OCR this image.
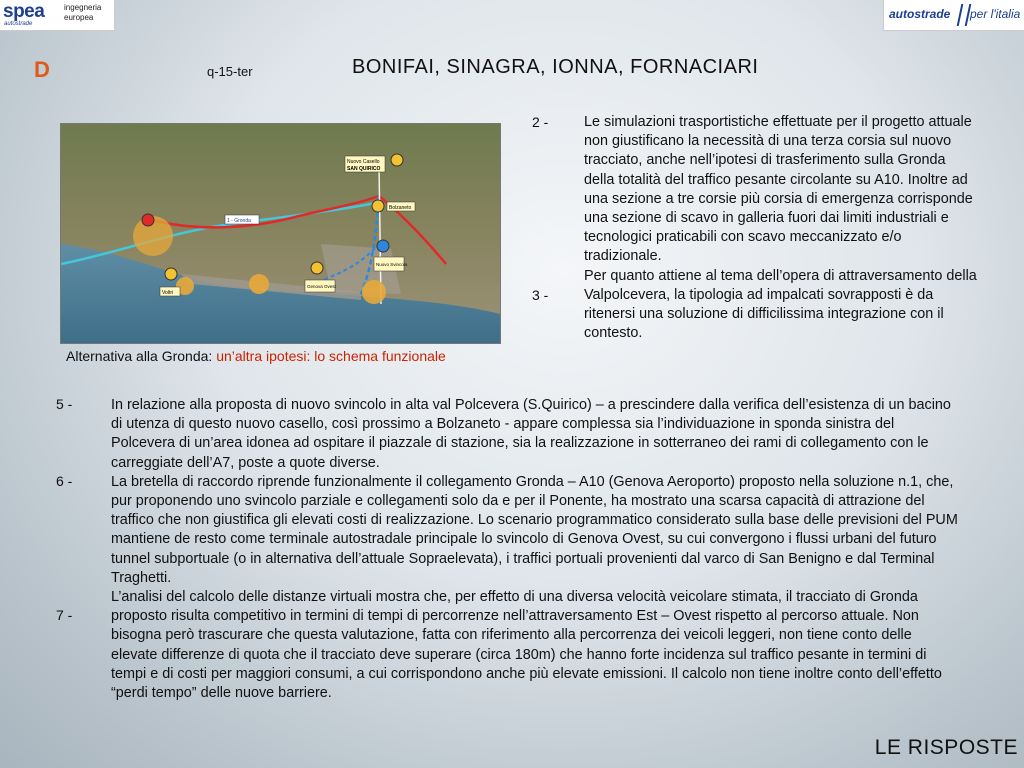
spea
autostrade
ingegneria
europea	autostrade per l'italia
D	q-15-ter	BONIFAI, SINAGRA, IONNA, FORNACIARI
Nuovo Casello
SAN QUIRICO
Bolzaneto
1 - Gronda
Nuovo Svincolo
Voltri
Genova Ovest
2 -
3 -
Alternativa alla Gronda: un’altra ipotesi: lo schema funzionale

Le simulazioni trasportistiche effettuate per il progetto attuale non giustificano la necessità di una terza corsia sul nuovo tracciato, anche nell’ipotesi di trasferimento sulla Gronda della totalità del traffico pesante circolante su A10. Inoltre ad una sezione a tre corsie più corsia di emergenza corrisponde una sezione di scavo in galleria fuori dai limiti industriali e tecnologici praticabili con scavo meccanizzato e/o tradizionale.

Per quanto attiene al tema dell’opera di attraversamento della Valpolcevera, la tipologia ad impalcati sovrapposti è da ritenersi una soluzione di difficilissima integrazione con il contesto.

5 -
6 -
7 -

In relazione alla proposta di nuovo svincolo in alta val Polcevera (S.Quirico) – a prescindere dalla verifica dell’esistenza di un bacino di utenza di questo nuovo casello, così prossimo a Bolzaneto - appare complessa sia l’individuazione in sponda sinistra del Polcevera di un’area idonea ad ospitare il piazzale di stazione, sia la realizzazione in sotterraneo dei rami di collegamento con le carreggiate dell’A7, poste a quote diverse.

La bretella di raccordo riprende funzionalmente il collegamento Gronda – A10 (Genova Aeroporto) proposto nella soluzione n.1, che, pur proponendo uno svincolo parziale e collegamenti solo da e per il Ponente, ha mostrato una scarsa capacità di attrazione del traffico che non giustifica gli elevati costi di realizzazione. Lo scenario programmatico considerato sulla base delle previsioni del PUM mantiene de resto come terminale autostradale principale lo svincolo di Genova Ovest, su cui convergono i flussi urbani del futuro tunnel subportuale (o in alternativa dell’attuale Sopraelevata), i traffici portuali provenienti dal varco di San Benigno e dal Terminal Traghetti.

L’analisi del calcolo delle distanze virtuali mostra che, per effetto di una diversa velocità veicolare stimata, il tracciato di Gronda proposto risulta competitivo in termini di tempi di percorrenze nell’attraversamento Est – Ovest rispetto al percorso attuale. Non bisogna però trascurare che questa valutazione, fatta con riferimento alla percorrenza dei veicoli leggeri, non tiene conto delle elevate differenze di quota che il tracciato deve superare (circa 180m) che hanno forte incidenza sul traffico pesante in termini di tempi e di costi per maggiori consumi, a cui corrispondono anche più elevate emissioni. Il calcolo non tiene inoltre conto dell’effetto “perdi tempo” delle nuove barriere.

LE RISPOSTE
